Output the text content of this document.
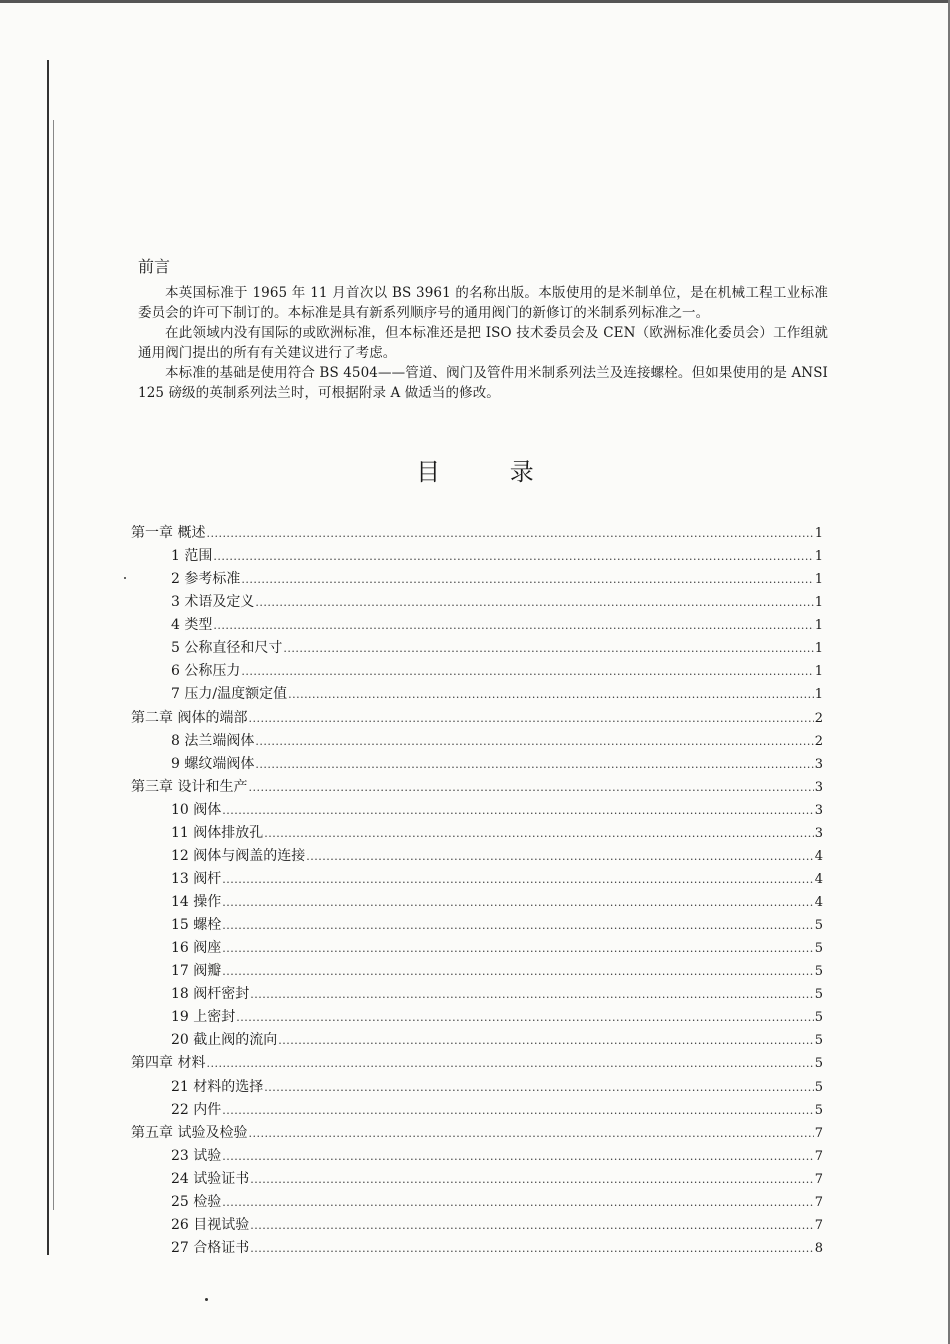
前言

本英国标准于 1965 年 11 月首次以 BS 3961 的名称出版。本版使用的是米制单位，是在机械工程工业标准委员会的许可下制订的。本标准是具有新系列顺序号的通用阀门的新修订的米制系列标准之一。

在此领域内没有国际的或欧洲标准，但本标准还是把 ISO 技术委员会及 CEN（欧洲标准化委员会）工作组就通用阀门提出的所有有关建议进行了考虑。

本标准的基础是使用符合 BS 4504——管道、阀门及管件用米制系列法兰及连接螺栓。但如果使用的是 ANSI 125 磅级的英制系列法兰时，可根据附录 A 做适当的修改。

目 录
第一章 概述 .....	1
1 范围 .....	1
2 参考标准 .....	1
3 术语及定义 .....	1
4 类型 .....	1
5 公称直径和尺寸 .....	1
6 公称压力 .....	1
7 压力/温度额定值 .....	1
第二章 阀体的端部 .....	2
8 法兰端阀体 .....	2
9 螺纹端阀体 .....	3
第三章 设计和生产 .....	3
10 阀体 .....	3
11 阀体排放孔 .....	3
12 阀体与阀盖的连接 .....	4
13 阀杆 .....	4
14 操作 .....	4
15 螺栓 .....	5
16 阀座 .....	5
17 阀瓣 .....	5
18 阀杆密封 .....	5
19 上密封 .....	5
20 截止阀的流向 .....	5
第四章 材料 .....	5
21 材料的选择 .....	5
22 内件 .....	5
第五章 试验及检验 .....	7
23 试验 .....	7
24 试验证书 .....	7
25 检验 .....	7
26 目视试验 .....	7
27 合格证书 .....	8
